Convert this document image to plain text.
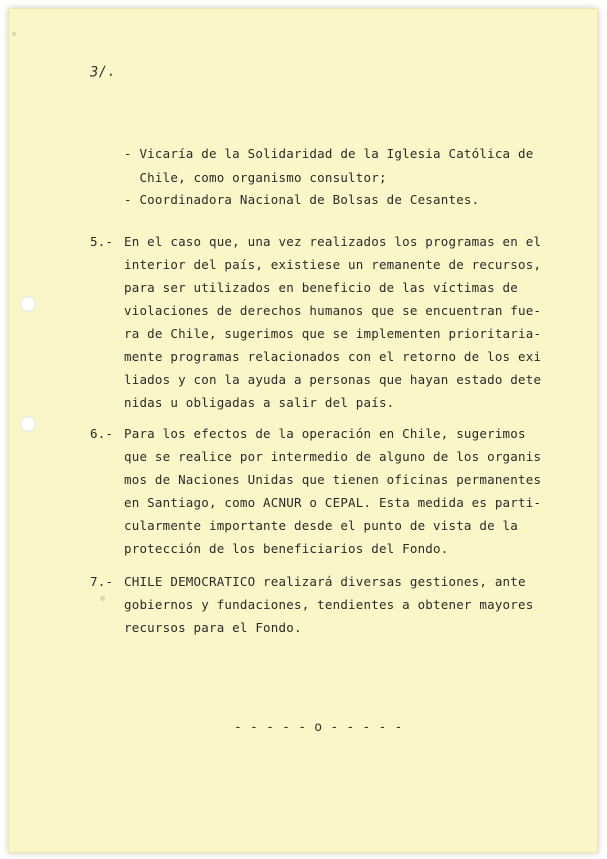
3/.
- Vicaría de la Solidaridad de la Iglesia Católica de
Chile, como organismo consultor;
- Coordinadora Nacional de Bolsas de Cesantes.
5.- En el caso que, una vez realizados los programas en el
interior del país, existiese un remanente de recursos,
para ser utilizados en beneficio de las víctimas de
violaciones de derechos humanos que se encuentran fue-
ra de Chile, sugerimos que se implementen prioritaria-
mente programas relacionados con el retorno de los exi
liados y con la ayuda a personas que hayan estado dete
nidas u obligadas a salir del país.
6.- Para los efectos de la operación en Chile, sugerimos
que se realice por intermedio de alguno de los organis
mos de Naciones Unidas que tienen oficinas permanentes
en Santiago, como ACNUR o CEPAL. Esta medida es parti-
cularmente importante desde el punto de vista de la
protección de los beneficiarios del Fondo.
7.- CHILE DEMOCRATICO realizará diversas gestiones, ante
gobiernos y fundaciones, tendientes a obtener mayores
recursos para el Fondo.
- - - - - o - - - - -
